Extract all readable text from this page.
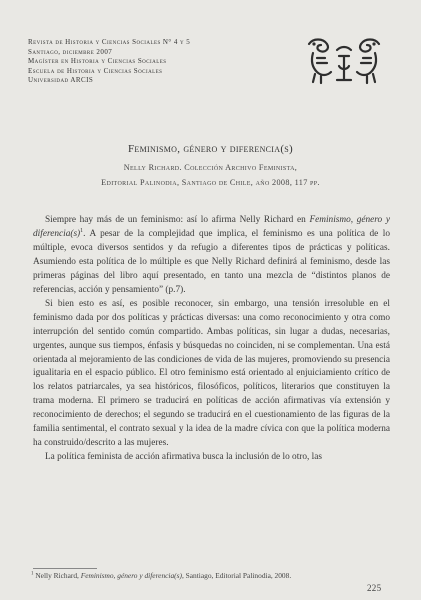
Revista de Historia y Ciencias Sociales N° 4 y 5
Santiago, diciembre 2007
Magíster en Historia y Ciencias Sociales
Escuela de Historia y Ciencias Sociales
Universidad ARCIS
Feminismo, género y diferencia(s)
Nelly Richard. Colección Archivo Feminista,
Editorial Palinodia, Santiago de Chile, año 2008, 117 pp.

Siempre hay más de un feminismo: así lo afirma Nelly Richard en Feminismo, género y $diferencia(s)^1$. A pesar de la complejidad que implica, el feminismo es una política de lo múltiple, evoca diversos sentidos y da refugio a diferentes tipos de prácticas y políticas. Asumiendo esta política de lo múltiple es que Nelly Richard definirá al feminismo, desde las primeras páginas del libro aquí presentado, en tanto una mezcla de “distintos planos de referencias, acción y pensamiento” (p.7).

Si bien esto es así, es posible reconocer, sin embargo, una tensión irresoluble en el feminismo dada por dos políticas y prácticas diversas: una como reconocimiento y otra como interrupción del sentido común compartido. Ambas políticas, sin lugar a dudas, necesarias, urgentes, aunque sus tiempos, énfasis y búsquedas no coinciden, ni se complementan. Una está orientada al mejoramiento de las condiciones de vida de las mujeres, promoviendo su presencia igualitaria en el espacio público. El otro feminismo está orientado al enjuiciamiento crítico de los relatos patriarcales, ya sea históricos, filosóficos, políticos, literarios que constituyen la trama moderna. El primero se traducirá en políticas de acción afirmativas vía extensión y reconocimiento de derechos; el segundo se traducirá en el cuestionamiento de las figuras de la familia sentimental, el contrato sexual y la idea de la madre cívica con que la política moderna ha construido/descrito a las mujeres.

La política feminista de acción afirmativa busca la inclusión de lo otro, las

$^1$ Nelly Richard, Feminismo, género y diferencia(s), Santiago, Editorial Palinodia, 2008.
225
